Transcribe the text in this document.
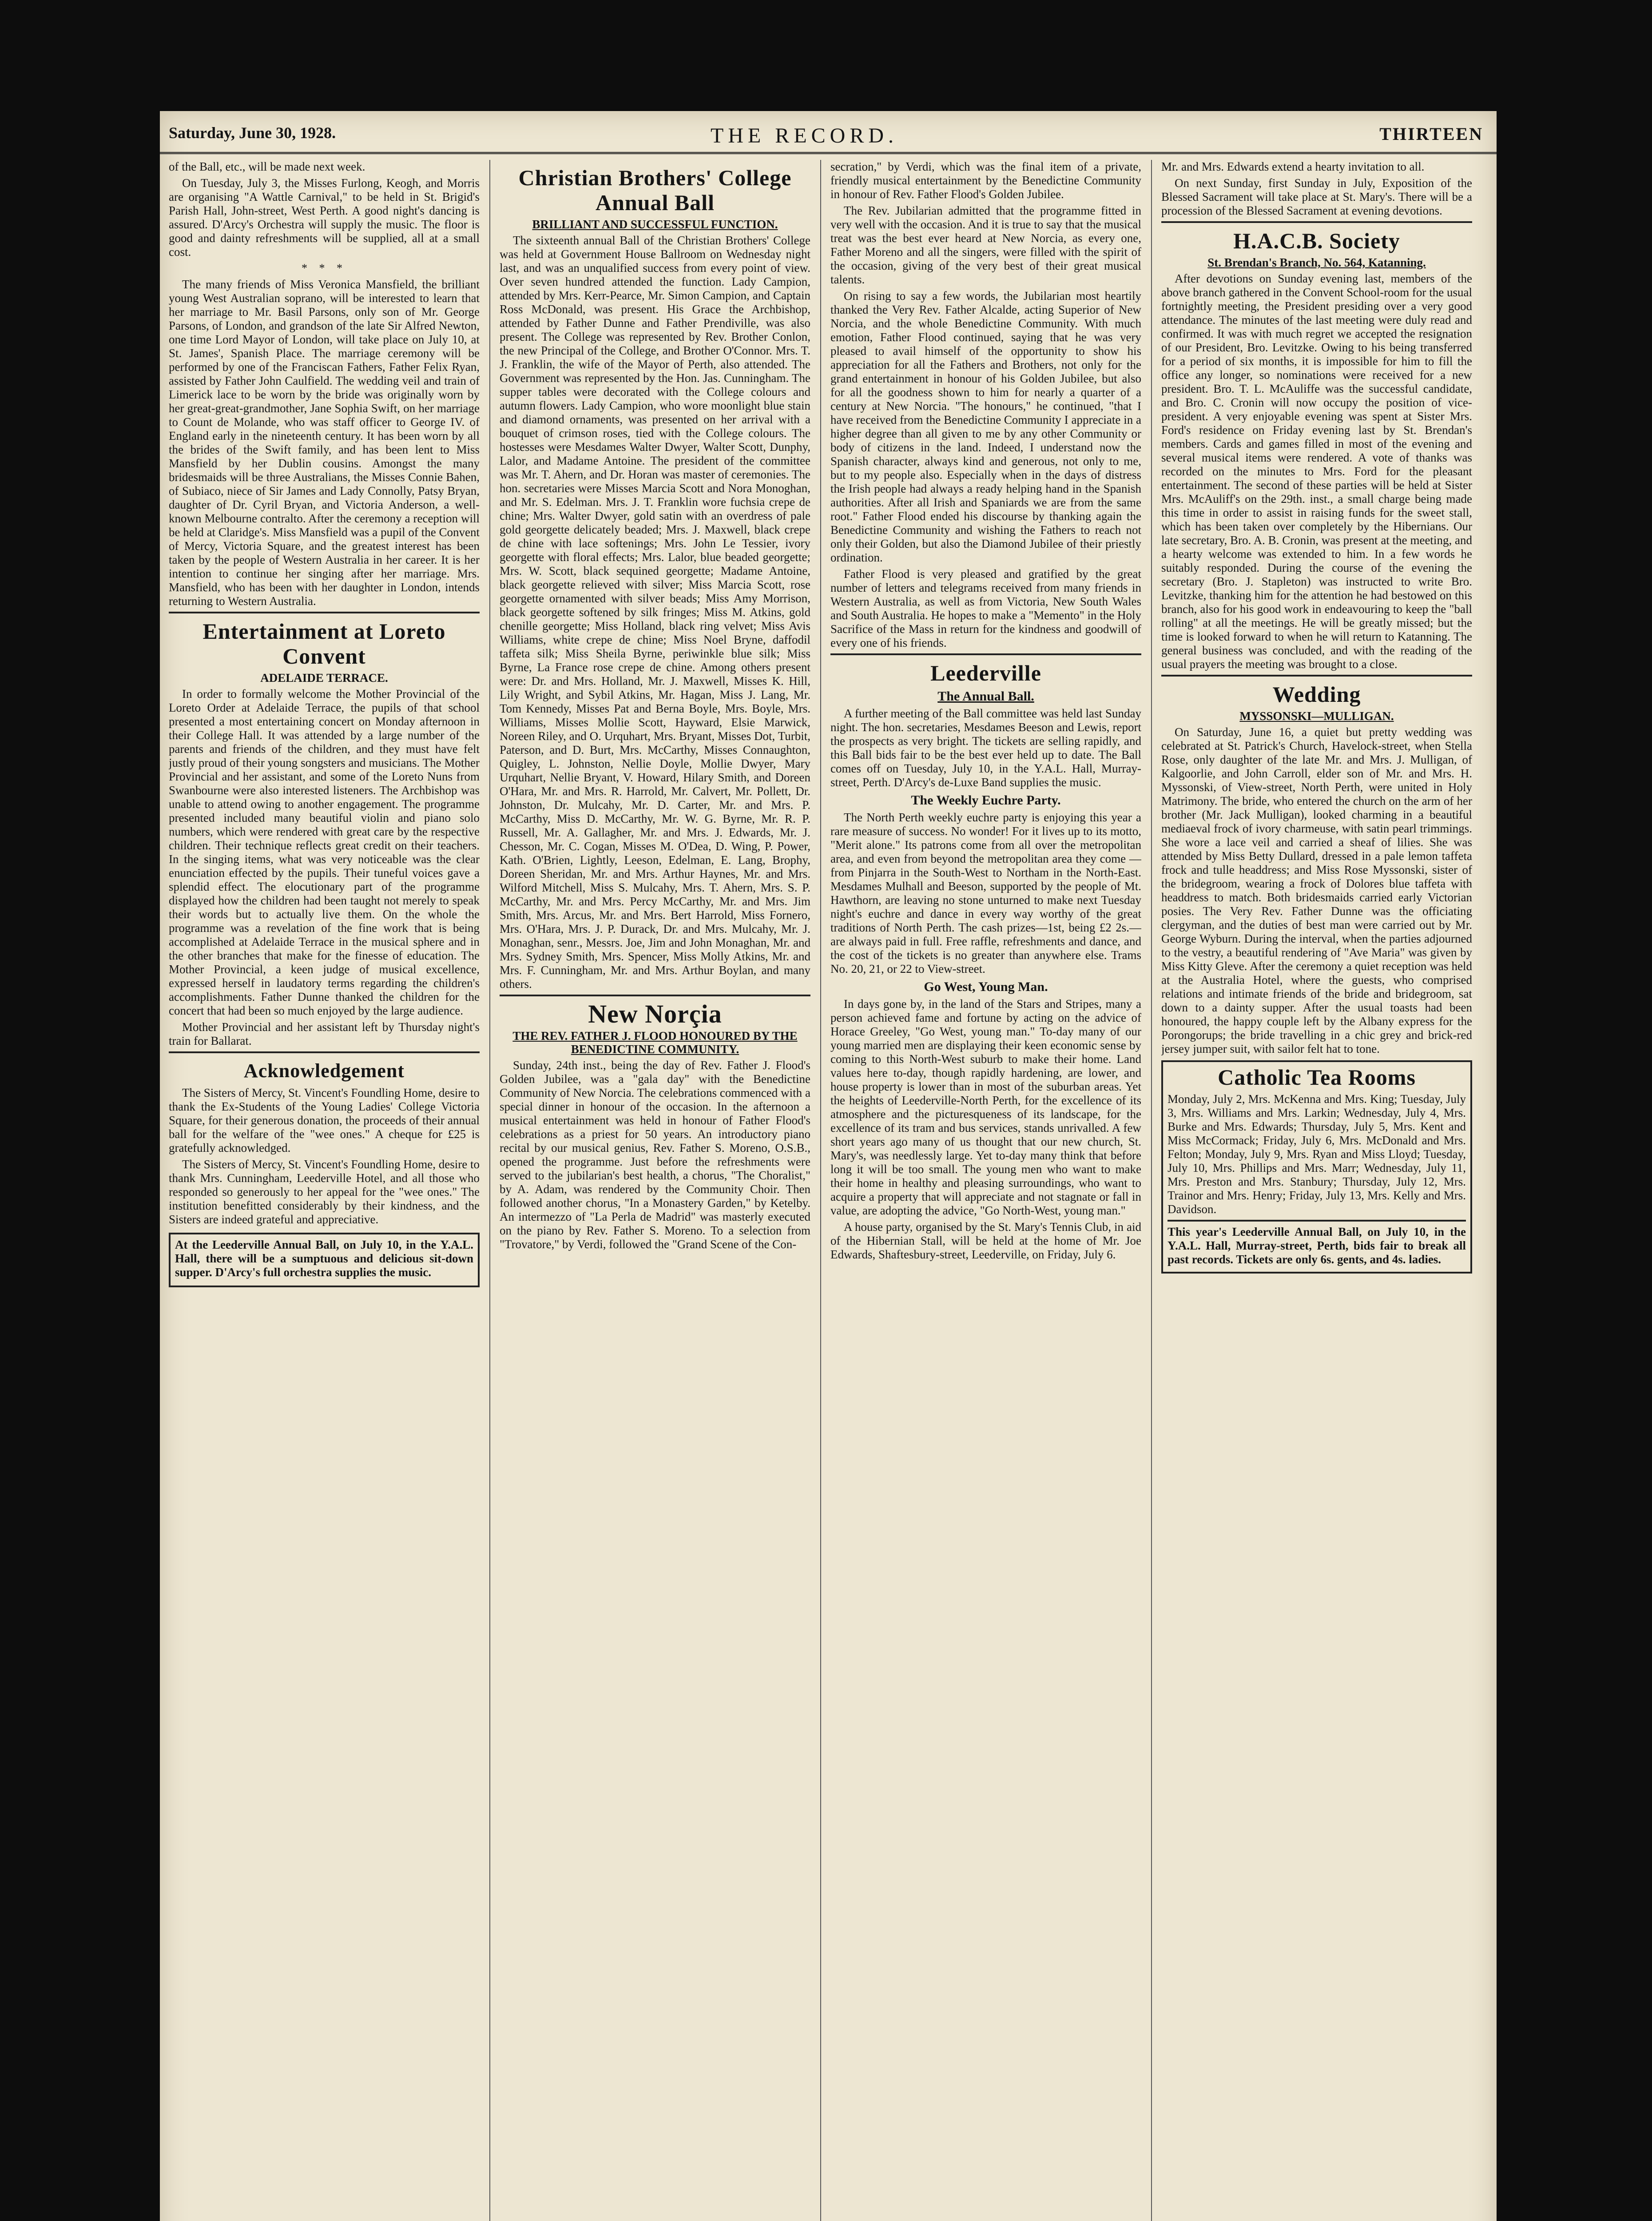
Saturday, June 30, 1928.	THE RECORD.	THIRTEEN

of the Ball, etc., will be made next week.

On Tuesday, July 3, the Misses Furlong, Keogh, and Morris are organising "A Wattle Carnival," to be held in St. Brigid's Parish Hall, John-street, West Perth. A good night's dancing is assured. D'Arcy's Orchestra will supply the music. The floor is good and dainty refreshments will be supplied, all at a small cost.

* * *

The many friends of Miss Veronica Mansfield, the brilliant young West Australian soprano, will be interested to learn that her marriage to Mr. Basil Parsons, only son of Mr. George Parsons, of London, and grandson of the late Sir Alfred Newton, one time Lord Mayor of London, will take place on July 10, at St. James', Spanish Place. The marriage ceremony will be performed by one of the Franciscan Fathers, Father Felix Ryan, assisted by Father John Caulfield. The wedding veil and train of Limerick lace to be worn by the bride was originally worn by her great-great-grandmother, Jane Sophia Swift, on her marriage to Count de Molande, who was staff officer to George IV. of England early in the nineteenth century. It has been worn by all the brides of the Swift family, and has been lent to Miss Mansfield by her Dublin cousins. Amongst the many bridesmaids will be three Australians, the Misses Connie Bahen, of Subiaco, niece of Sir James and Lady Connolly, Patsy Bryan, daughter of Dr. Cyril Bryan, and Victoria Anderson, a well-known Melbourne contralto. After the ceremony a reception will be held at Claridge's. Miss Mansfield was a pupil of the Convent of Mercy, Victoria Square, and the greatest interest has been taken by the people of Western Australia in her career. It is her intention to continue her singing after her marriage. Mrs. Mansfield, who has been with her daughter in London, intends returning to Western Australia.

Entertainment at Loreto Convent
ADELAIDE TERRACE.

In order to formally welcome the Mother Provincial of the Loreto Order at Adelaide Terrace, the pupils of that school presented a most entertaining concert on Monday afternoon in their College Hall. It was attended by a large number of the parents and friends of the children, and they must have felt justly proud of their young songsters and musicians. The Mother Provincial and her assistant, and some of the Loreto Nuns from Swanbourne were also interested listeners. The Archbishop was unable to attend owing to another engagement. The programme presented included many beautiful violin and piano solo numbers, which were rendered with great care by the respective children. Their technique reflects great credit on their teachers. In the singing items, what was very noticeable was the clear enunciation effected by the pupils. Their tuneful voices gave a splendid effect. The elocutionary part of the programme displayed how the children had been taught not merely to speak their words but to actually live them. On the whole the programme was a revelation of the fine work that is being accomplished at Adelaide Terrace in the musical sphere and in the other branches that make for the finesse of education. The Mother Provincial, a keen judge of musical excellence, expressed herself in laudatory terms regarding the children's accomplishments. Father Dunne thanked the children for the concert that had been so much enjoyed by the large audience.

Mother Provincial and her assistant left by Thursday night's train for Ballarat.

Acknowledgement

The Sisters of Mercy, St. Vincent's Foundling Home, desire to thank the Ex-Students of the Young Ladies' College Victoria Square, for their generous donation, the proceeds of their annual ball for the welfare of the "wee ones." A cheque for £25 is gratefully acknowledged.

The Sisters of Mercy, St. Vincent's Foundling Home, desire to thank Mrs. Cunningham, Leederville Hotel, and all those who responded so generously to her appeal for the "wee ones." The institution benefitted considerably by their kindness, and the Sisters are indeed grateful and appreciative.

At the Leederville Annual Ball, on July 10, in the Y.A.L. Hall, there will be a sumptuous and delicious sit-down supper. D'Arcy's full orchestra supplies the music.

Christian Brothers' College Annual Ball
BRILLIANT AND SUCCESSFUL FUNCTION.

The sixteenth annual Ball of the Christian Brothers' College was held at Government House Ballroom on Wednesday night last, and was an unqualified success from every point of view. Over seven hundred attended the function. Lady Campion, attended by Mrs. Kerr-Pearce, Mr. Simon Campion, and Captain Ross McDonald, was present. His Grace the Archbishop, attended by Father Dunne and Father Prendiville, was also present. The College was represented by Rev. Brother Conlon, the new Principal of the College, and Brother O'Connor. Mrs. T. J. Franklin, the wife of the Mayor of Perth, also attended. The Government was represented by the Hon. Jas. Cunningham. The supper tables were decorated with the College colours and autumn flowers. Lady Campion, who wore moonlight blue stain and diamond ornaments, was presented on her arrival with a bouquet of crimson roses, tied with the College colours. The hostesses were Mesdames Walter Dwyer, Walter Scott, Dunphy, Lalor, and Madame Antoine. The president of the committee was Mr. T. Ahern, and Dr. Horan was master of ceremonies. The hon. secretaries were Misses Marcia Scott and Nora Monoghan, and Mr. S. Edelman. Mrs. J. T. Franklin wore fuchsia crepe de chine; Mrs. Walter Dwyer, gold satin with an overdress of pale gold georgette delicately beaded; Mrs. J. Maxwell, black crepe de chine with lace softenings; Mrs. John Le Tessier, ivory georgette with floral effects; Mrs. Lalor, blue beaded georgette; Mrs. W. Scott, black sequined georgette; Madame Antoine, black georgette relieved with silver; Miss Marcia Scott, rose georgette ornamented with silver beads; Miss Amy Morrison, black georgette softened by silk fringes; Miss M. Atkins, gold chenille georgette; Miss Holland, black ring velvet; Miss Avis Williams, white crepe de chine; Miss Noel Bryne, daffodil taffeta silk; Miss Sheila Byrne, periwinkle blue silk; Miss Byrne, La France rose crepe de chine. Among others present were: Dr. and Mrs. Holland, Mr. J. Maxwell, Misses K. Hill, Lily Wright, and Sybil Atkins, Mr. Hagan, Miss J. Lang, Mr. Tom Kennedy, Misses Pat and Berna Boyle, Mrs. Boyle, Mrs. Williams, Misses Mollie Scott, Hayward, Elsie Marwick, Noreen Riley, and O. Urquhart, Mrs. Bryant, Misses Dot, Turbit, Paterson, and D. Burt, Mrs. McCarthy, Misses Connaughton, Quigley, L. Johnston, Nellie Doyle, Mollie Dwyer, Mary Urquhart, Nellie Bryant, V. Howard, Hilary Smith, and Doreen O'Hara, Mr. and Mrs. R. Harrold, Mr. Calvert, Mr. Pollett, Dr. Johnston, Dr. Mulcahy, Mr. D. Carter, Mr. and Mrs. P. McCarthy, Miss D. McCarthy, Mr. W. G. Byrne, Mr. R. P. Russell, Mr. A. Gallagher, Mr. and Mrs. J. Edwards, Mr. J. Chesson, Mr. C. Cogan, Misses M. O'Dea, D. Wing, P. Power, Kath. O'Brien, Lightly, Leeson, Edelman, E. Lang, Brophy, Doreen Sheridan, Mr. and Mrs. Arthur Haynes, Mr. and Mrs. Wilford Mitchell, Miss S. Mulcahy, Mrs. T. Ahern, Mrs. S. P. McCarthy, Mr. and Mrs. Percy McCarthy, Mr. and Mrs. Jim Smith, Mrs. Arcus, Mr. and Mrs. Bert Harrold, Miss Fornero, Mrs. O'Hara, Mrs. J. P. Durack, Dr. and Mrs. Mulcahy, Mr. J. Monaghan, senr., Messrs. Joe, Jim and John Monaghan, Mr. and Mrs. Sydney Smith, Mrs. Spencer, Miss Molly Atkins, Mr. and Mrs. F. Cunningham, Mr. and Mrs. Arthur Boylan, and many others.

New Norçia
THE REV. FATHER J. FLOOD HONOURED BY THE BENEDICTINE COMMUNITY.

Sunday, 24th inst., being the day of Rev. Father J. Flood's Golden Jubilee, was a "gala day" with the Benedictine Community of New Norcia. The celebrations commenced with a special dinner in honour of the occasion. In the afternoon a musical entertainment was held in honour of Father Flood's celebrations as a priest for 50 years. An introductory piano recital by our musical genius, Rev. Father S. Moreno, O.S.B., opened the programme. Just before the refreshments were served to the jubilarian's best health, a chorus, "The Choralist," by A. Adam, was rendered by the Community Choir. Then followed another chorus, "In a Monastery Garden," by Ketelby. An intermezzo of "La Perla de Madrid" was masterly executed on the piano by Rev. Father S. Moreno. To a selection from "Trovatore," by Verdi, followed the "Grand Scene of the Con-

secration," by Verdi, which was the final item of a private, friendly musical entertainment by the Benedictine Community in honour of Rev. Father Flood's Golden Jubilee.

The Rev. Jubilarian admitted that the programme fitted in very well with the occasion. And it is true to say that the musical treat was the best ever heard at New Norcia, as every one, Father Moreno and all the singers, were filled with the spirit of the occasion, giving of the very best of their great musical talents.

On rising to say a few words, the Jubilarian most heartily thanked the Very Rev. Father Alcalde, acting Superior of New Norcia, and the whole Benedictine Community. With much emotion, Father Flood continued, saying that he was very pleased to avail himself of the opportunity to show his appreciation for all the Fathers and Brothers, not only for the grand entertainment in honour of his Golden Jubilee, but also for all the goodness shown to him for nearly a quarter of a century at New Norcia. "The honours," he continued, "that I have received from the Benedictine Community I appreciate in a higher degree than all given to me by any other Community or body of citizens in the land. Indeed, I understand now the Spanish character, always kind and generous, not only to me, but to my people also. Especially when in the days of distress the Irish people had always a ready helping hand in the Spanish authorities. After all Irish and Spaniards we are from the same root." Father Flood ended his discourse by thanking again the Benedictine Community and wishing the Fathers to reach not only their Golden, but also the Diamond Jubilee of their priestly ordination.

Father Flood is very pleased and gratified by the great number of letters and telegrams received from many friends in Western Australia, as well as from Victoria, New South Wales and South Australia. He hopes to make a "Memento" in the Holy Sacrifice of the Mass in return for the kindness and goodwill of every one of his friends.

Leederville
The Annual Ball.

A further meeting of the Ball committee was held last Sunday night. The hon. secretaries, Mesdames Beeson and Lewis, report the prospects as very bright. The tickets are selling rapidly, and this Ball bids fair to be the best ever held up to date. The Ball comes off on Tuesday, July 10, in the Y.A.L. Hall, Murray-street, Perth. D'Arcy's de-Luxe Band supplies the music.

The Weekly Euchre Party.

The North Perth weekly euchre party is enjoying this year a rare measure of success. No wonder! For it lives up to its motto, "Merit alone." Its patrons come from all over the metropolitan area, and even from beyond the metropolitan area they come —from Pinjarra in the South-West to Northam in the North-East. Mesdames Mulhall and Beeson, supported by the people of Mt. Hawthorn, are leaving no stone unturned to make next Tuesday night's euchre and dance in every way worthy of the great traditions of North Perth. The cash prizes—1st, being £2 2s.—are always paid in full. Free raffle, refreshments and dance, and the cost of the tickets is no greater than anywhere else. Trams No. 20, 21, or 22 to View-street.

Go West, Young Man.

In days gone by, in the land of the Stars and Stripes, many a person achieved fame and fortune by acting on the advice of Horace Greeley, "Go West, young man." To-day many of our young married men are displaying their keen economic sense by coming to this North-West suburb to make their home. Land values here to-day, though rapidly hardening, are lower, and house property is lower than in most of the suburban areas. Yet the heights of Leederville-North Perth, for the excellence of its atmosphere and the picturesqueness of its landscape, for the excellence of its tram and bus services, stands unrivalled. A few short years ago many of us thought that our new church, St. Mary's, was needlessly large. Yet to-day many think that before long it will be too small. The young men who want to make their home in healthy and pleasing surroundings, who want to acquire a property that will appreciate and not stagnate or fall in value, are adopting the advice, "Go North-West, young man."

A house party, organised by the St. Mary's Tennis Club, in aid of the Hibernian Stall, will be held at the home of Mr. Joe Edwards, Shaftesbury-street, Leederville, on Friday, July 6.

Mr. and Mrs. Edwards extend a hearty invitation to all.

On next Sunday, first Sunday in July, Exposition of the Blessed Sacrament will take place at St. Mary's. There will be a procession of the Blessed Sacrament at evening devotions.

H.A.C.B. Society
St. Brendan's Branch, No. 564, Katanning.

After devotions on Sunday evening last, members of the above branch gathered in the Convent School-room for the usual fortnightly meeting, the President presiding over a very good attendance. The minutes of the last meeting were duly read and confirmed. It was with much regret we accepted the resignation of our President, Bro. Levitzke. Owing to his being transferred for a period of six months, it is impossible for him to fill the office any longer, so nominations were received for a new president. Bro. T. L. McAuliffe was the successful candidate, and Bro. C. Cronin will now occupy the position of vice-president. A very enjoyable evening was spent at Sister Mrs. Ford's residence on Friday evening last by St. Brendan's members. Cards and games filled in most of the evening and several musical items were rendered. A vote of thanks was recorded on the minutes to Mrs. Ford for the pleasant entertainment. The second of these parties will be held at Sister Mrs. McAuliff's on the 29th. inst., a small charge being made this time in order to assist in raising funds for the sweet stall, which has been taken over completely by the Hibernians. Our late secretary, Bro. A. B. Cronin, was present at the meeting, and a hearty welcome was extended to him. In a few words he suitably responded. During the course of the evening the secretary (Bro. J. Stapleton) was instructed to write Bro. Levitzke, thanking him for the attention he had bestowed on this branch, also for his good work in endeavouring to keep the "ball rolling" at all the meetings. He will be greatly missed; but the time is looked forward to when he will return to Katanning. The general business was concluded, and with the reading of the usual prayers the meeting was brought to a close.

Wedding
MYSSONSKI—MULLIGAN.

On Saturday, June 16, a quiet but pretty wedding was celebrated at St. Patrick's Church, Havelock-street, when Stella Rose, only daughter of the late Mr. and Mrs. J. Mulligan, of Kalgoorlie, and John Carroll, elder son of Mr. and Mrs. H. Myssonski, of View-street, North Perth, were united in Holy Matrimony. The bride, who entered the church on the arm of her brother (Mr. Jack Mulligan), looked charming in a beautiful mediaeval frock of ivory charmeuse, with satin pearl trimmings. She wore a lace veil and carried a sheaf of lilies. She was attended by Miss Betty Dullard, dressed in a pale lemon taffeta frock and tulle headdress; and Miss Rose Myssonski, sister of the bridegroom, wearing a frock of Dolores blue taffeta with headdress to match. Both bridesmaids carried early Victorian posies. The Very Rev. Father Dunne was the officiating clergyman, and the duties of best man were carried out by Mr. George Wyburn. During the interval, when the parties adjourned to the vestry, a beautiful rendering of "Ave Maria" was given by Miss Kitty Gleve. After the ceremony a quiet reception was held at the Australia Hotel, where the guests, who comprised relations and intimate friends of the bride and bridegroom, sat down to a dainty supper. After the usual toasts had been honoured, the happy couple left by the Albany express for the Porongorups; the bride travelling in a chic grey and brick-red jersey jumper suit, with sailor felt hat to tone.

Catholic Tea Rooms

Monday, July 2, Mrs. McKenna and Mrs. King; Tuesday, July 3, Mrs. Williams and Mrs. Larkin; Wednesday, July 4, Mrs. Burke and Mrs. Edwards; Thursday, July 5, Mrs. Kent and Miss McCormack; Friday, July 6, Mrs. McDonald and Mrs. Felton; Monday, July 9, Mrs. Ryan and Miss Lloyd; Tuesday, July 10, Mrs. Phillips and Mrs. Marr; Wednesday, July 11, Mrs. Preston and Mrs. Stanbury; Thursday, July 12, Mrs. Trainor and Mrs. Henry; Friday, July 13, Mrs. Kelly and Mrs. Davidson.

This year's Leederville Annual Ball, on July 10, in the Y.A.L. Hall, Murray-street, Perth, bids fair to break all past records. Tickets are only 6s. gents, and 4s. ladies.
